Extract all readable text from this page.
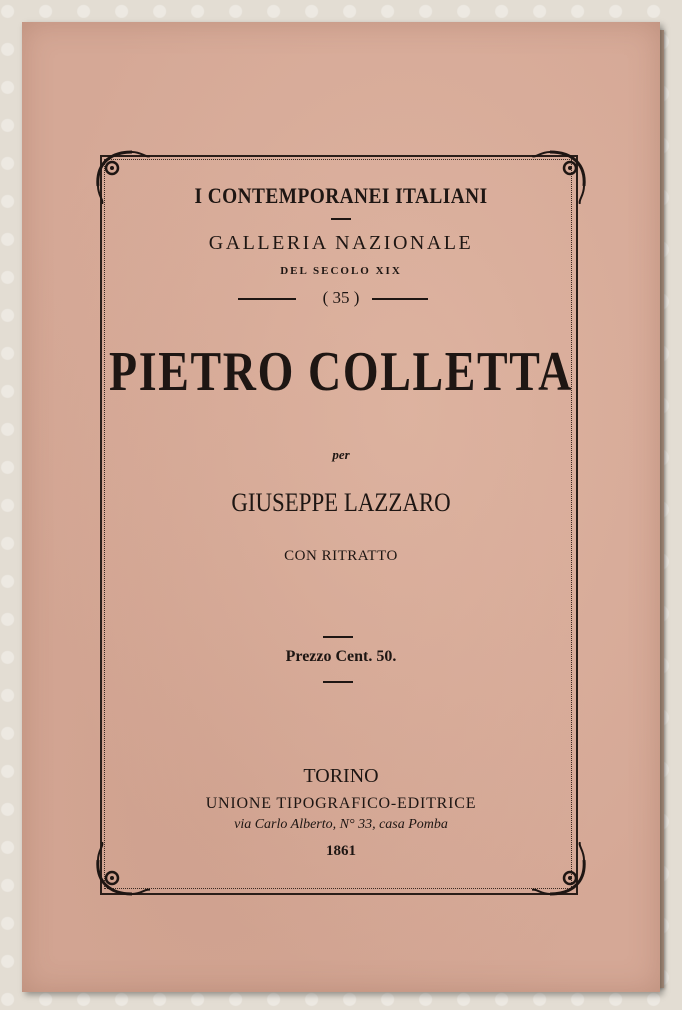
I CONTEMPORANEI ITALIANI
GALLERIA NAZIONALE
DEL SECOLO XIX
( 35 )
PIETRO COLLETTA
per
GIUSEPPE LAZZARO
CON RITRATTO
Prezzo Cent. 50.
TORINO
UNIONE TIPOGRAFICO-EDITRICE
via Carlo Alberto, N° 33, casa Pomba
1861
